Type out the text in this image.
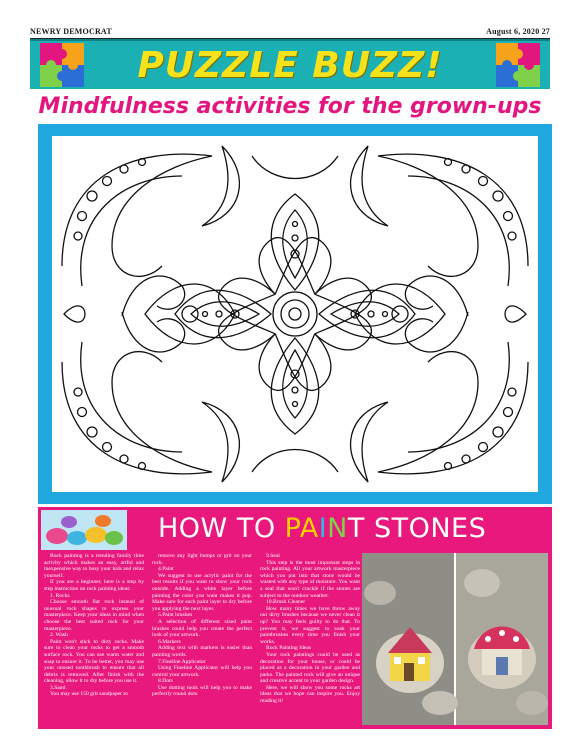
NEWRY DEMOCRAT	August 6, 2020 27
PUZZLE BUZZ!
Mindfulness activities for the grown-ups
HOW TO PAINT STONES

Rock painting is a trending family time activity which makes an easy, artful and inexpensive way to busy your kids and relax yourself.

If you are a beginner, here is a step by step instruction on rock painting ideas:

1. Rocks

Choose smooth flat rock instead of unusual rock shapes to express your masterpiece. Keep your ideas in mind when choose the best suited rock for your masterpiece.

2. Wash

Paint won't stick to dirty rocks. Make sure to clean your rocks to get a smooth surface rock. You can use warm water and soap to ensure it. To be better, you may use your unused toothbrush to ensure that all debris is removed. After finish with the cleaning, allow it to dry before you use it.

3.Sand

You may use 150 grit sandpaper to

remove any light bumps or grit on your rock.

4.Paint

We suggest to use acrylic paint for the best results if you want to show your rock outside. Adding a white layer before painting the color you want makes it pop. Make sure for each paint layer to dry before you applying the next layer.

5.Paint brushes

A selection of different sized paint brushes could help you create the perfect look of your artwork.

6.Markers

Adding text with markers is easier than painting words.

7.Fineline Applicator

Using Fineline Applicator will help you control your artwork.

8.Dots

Use dotting tools will help you to make perfectly round dots.

9.Seal

This step is the most important steps in rock painting. All your artwork masterpiece which you put into that stone would be wasted with any type of moisture. You want a seal that won't crackle if the stones are subject to the outdoor weather.

10.Brush Cleaner

How many times we have throw away our dirty brushes because we never clean it up? You may feels guilty to do that. To prevent it, we suggest to soak your paintbrushes every time you finish your works.

Rock Painting Ideas

Your rock paintings could be used as decoration for your house, or could be placed as a decoration in your garden and parks. The painted rock will give an unique and creative accent to your garden design.

Here, we will show you some rocks art ideas that we hope can inspire you. Enjoy reading it!
